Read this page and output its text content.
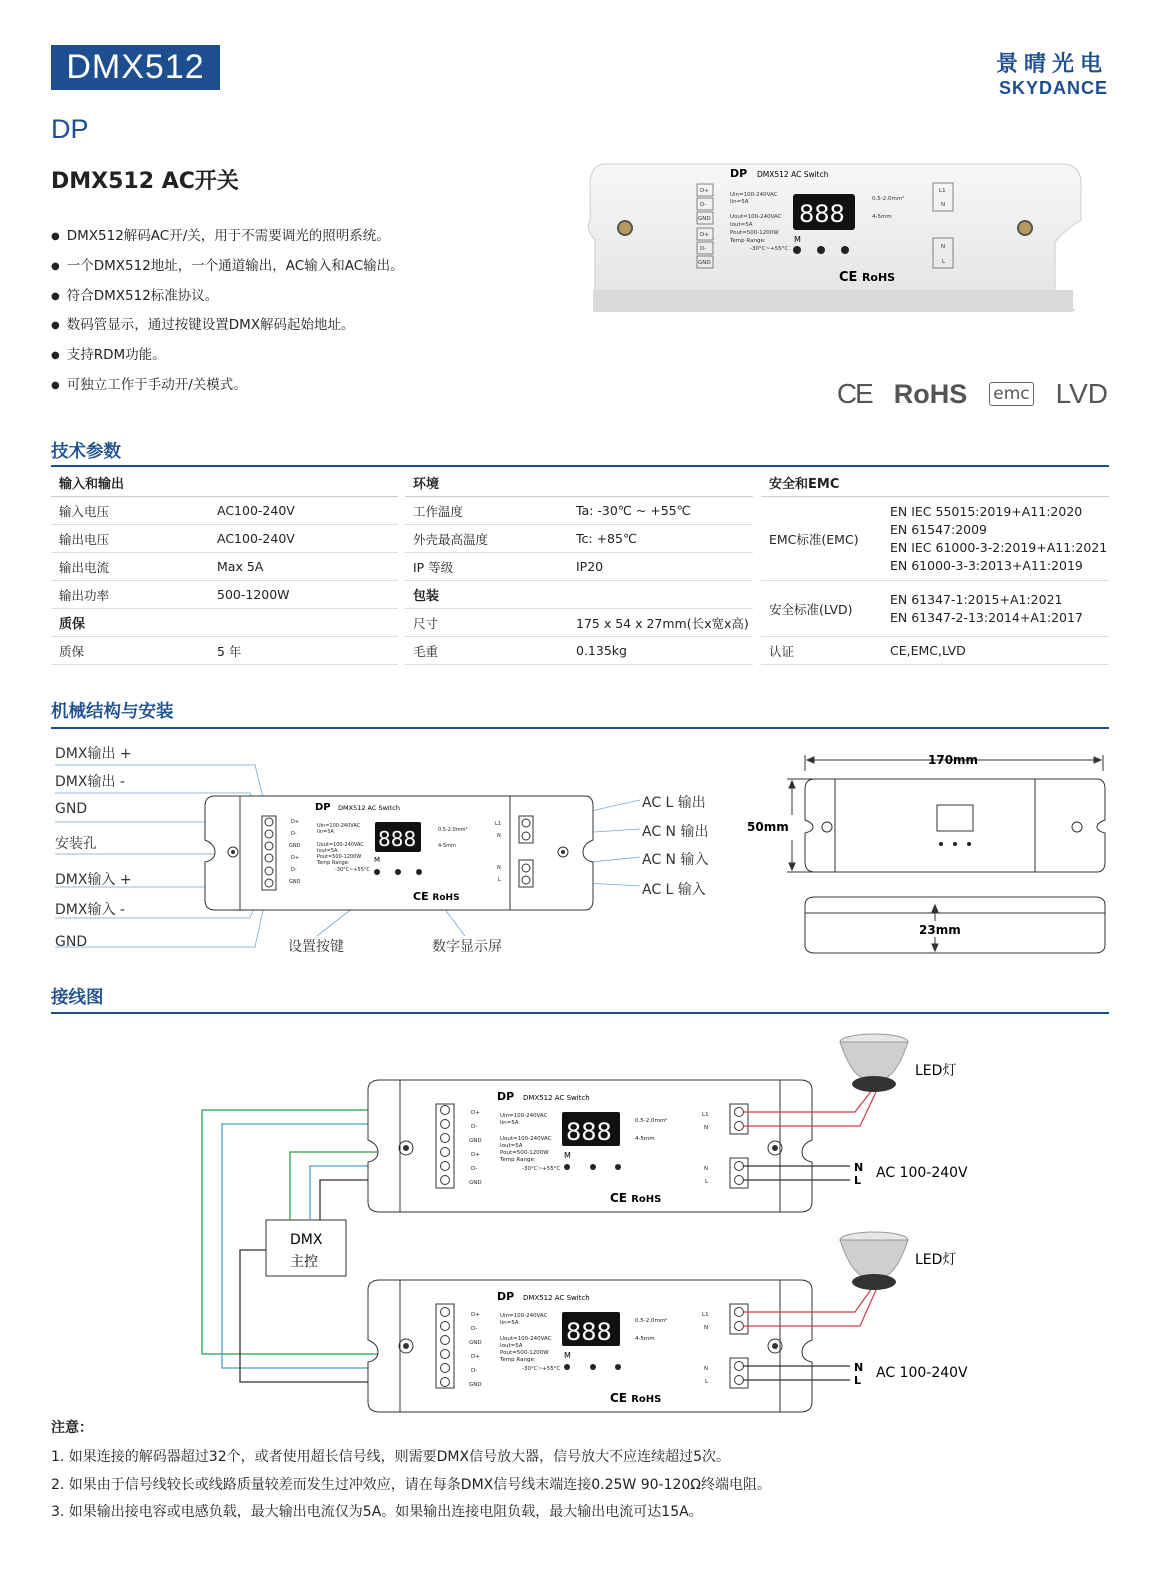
DMX512	景晴光电
SKYDANCE
DP
DMX512 AC开关
● DMX512解码AC开/关，用于不需要调光的照明系统。
● 一个DMX512地址，一个通道输出，AC输入和AC输出。
● 符合DMX512标准协议。
● 数码管显示，通过按键设置DMX解码起始地址。
● 支持RDM功能。
● 可独立工作于手动开/关模式。
DP DMX512 AC Switch
D+
D-
GND
D+
D-
GND
Uin=100-240VAC
Iin=5A
Uout=100-240VAC
Iout=5A
Pout=500-1200W
Temp Range:
-30°C~+55°C
0.5-2.0mm²
4-5mm
L1
N
N
L
888
M
CE RoHS
CE RoHS emc LVD
技术参数
输入和输出
输入电压	AC100-240V
输出电压	AC100-240V
输出电流	Max 5A
输出功率	500-1200W
质保
质保	5 年
环境
工作温度	Ta: -30℃ ~ +55℃
外壳最高温度	Tc: +85℃
IP 等级	IP20
包装
尺寸	175 x 54 x 27mm(长x宽x高)
毛重	0.135kg
安全和EMC
EMC标准(EMC)
EN IEC 55015:2019+A11:2020
EN 61547:2009
EN IEC 61000-3-2:2019+A11:2021
EN 61000-3-3:2013+A11:2019
安全标准(LVD)
EN 61347-1:2015+A1:2021
EN 61347-2-13:2014+A1:2017
认证	CE,EMC,LVD
机械结构与安装
DMX输出 +
DMX输出 -
GND
安装孔
DMX输入 +
DMX输入 -
GND
AC L 输出
AC N 输出
AC N 输入
AC L 输入
设置按键	数字显示屏
D+
D-
GND
D+
D-
GND
Uin=100-240VAC
Iin=5A
Uout=100-240VAC
Iout=5A
Pout=500-1200W
Temp Range:
-30°C~+55°C
0.5-2.0mm²
4-5mm
L1
N
N
L
DP DMX512 AC Switch
888
M
CE RoHS
170mm
50mm
23mm
接线图
DMX
主控
D+
D-
GND
D+
D-
GND
Uin=100-240VAC
Iin=5A
Uout=100-240VAC
Iout=5A
Pout=500-1200W
Temp Range:
-30°C~+55°C
0.5-2.0mm²
4-5mm
L1
N
N
L
DP DMX512 AC Switch
888
M
CE RoHS
D+
D-
GND
D+
D-
GND
Uin=100-240VAC
Iin=5A
Uout=100-240VAC
Iout=5A
Pout=500-1200W
Temp Range:
-30°C~+55°C
0.5-2.0mm²
4-5mm
L1
N
N
L
DP DMX512 AC Switch
888
M
CE RoHS
LED灯
LED灯
N
L AC 100-240V
N
L AC 100-240V
注意：
1. 如果连接的解码器超过32个，或者使用超长信号线，则需要DMX信号放大器，信号放大不应连续超过5次。
2. 如果由于信号线较长或线路质量较差而发生过冲效应，请在每条DMX信号线末端连接0.25W 90-120Ω终端电阻。
3. 如果输出接电容或电感负载，最大输出电流仅为5A。如果输出连接电阻负载，最大输出电流可达15A。
